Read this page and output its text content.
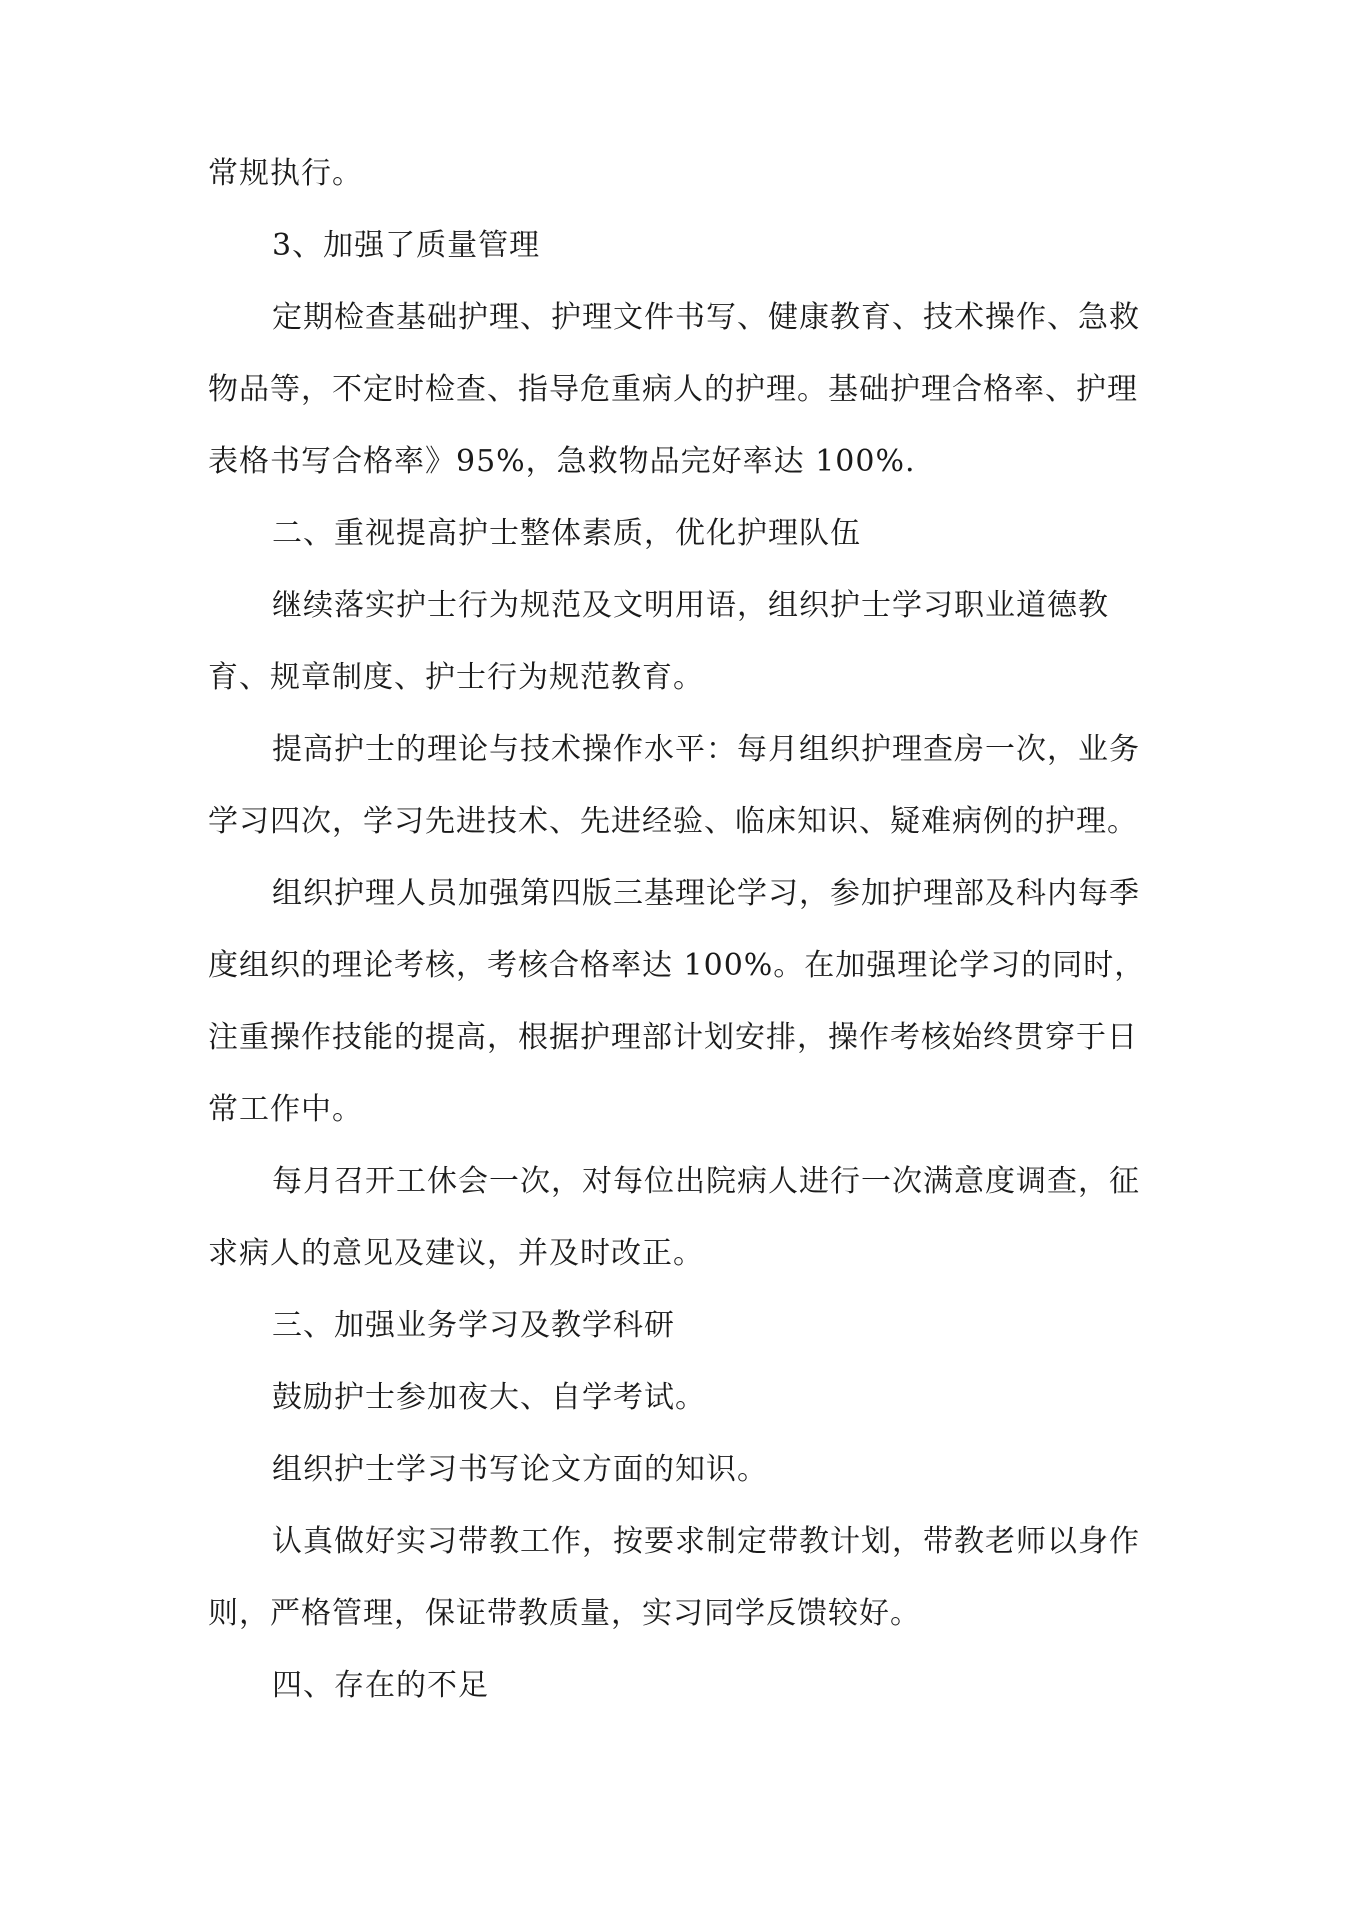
常规执行。
3、加强了质量管理
定期检查基础护理、护理文件书写、健康教育、技术操作、急救
物品等，不定时检查、指导危重病人的护理。基础护理合格率、护理
表格书写合格率》95%，急救物品完好率达 100%.
二、重视提高护士整体素质，优化护理队伍
继续落实护士行为规范及文明用语，组织护士学习职业道德教
育、规章制度、护士行为规范教育。
提高护士的理论与技术操作水平：每月组织护理查房一次，业务
学习四次，学习先进技术、先进经验、临床知识、疑难病例的护理。
组织护理人员加强第四版三基理论学习，参加护理部及科内每季
度组织的理论考核，考核合格率达 100%。在加强理论学习的同时，
注重操作技能的提高，根据护理部计划安排，操作考核始终贯穿于日
常工作中。
每月召开工休会一次，对每位出院病人进行一次满意度调查，征
求病人的意见及建议，并及时改正。
三、加强业务学习及教学科研
鼓励护士参加夜大、自学考试。
组织护士学习书写论文方面的知识。
认真做好实习带教工作，按要求制定带教计划，带教老师以身作
则，严格管理，保证带教质量，实习同学反馈较好。
四、存在的不足
